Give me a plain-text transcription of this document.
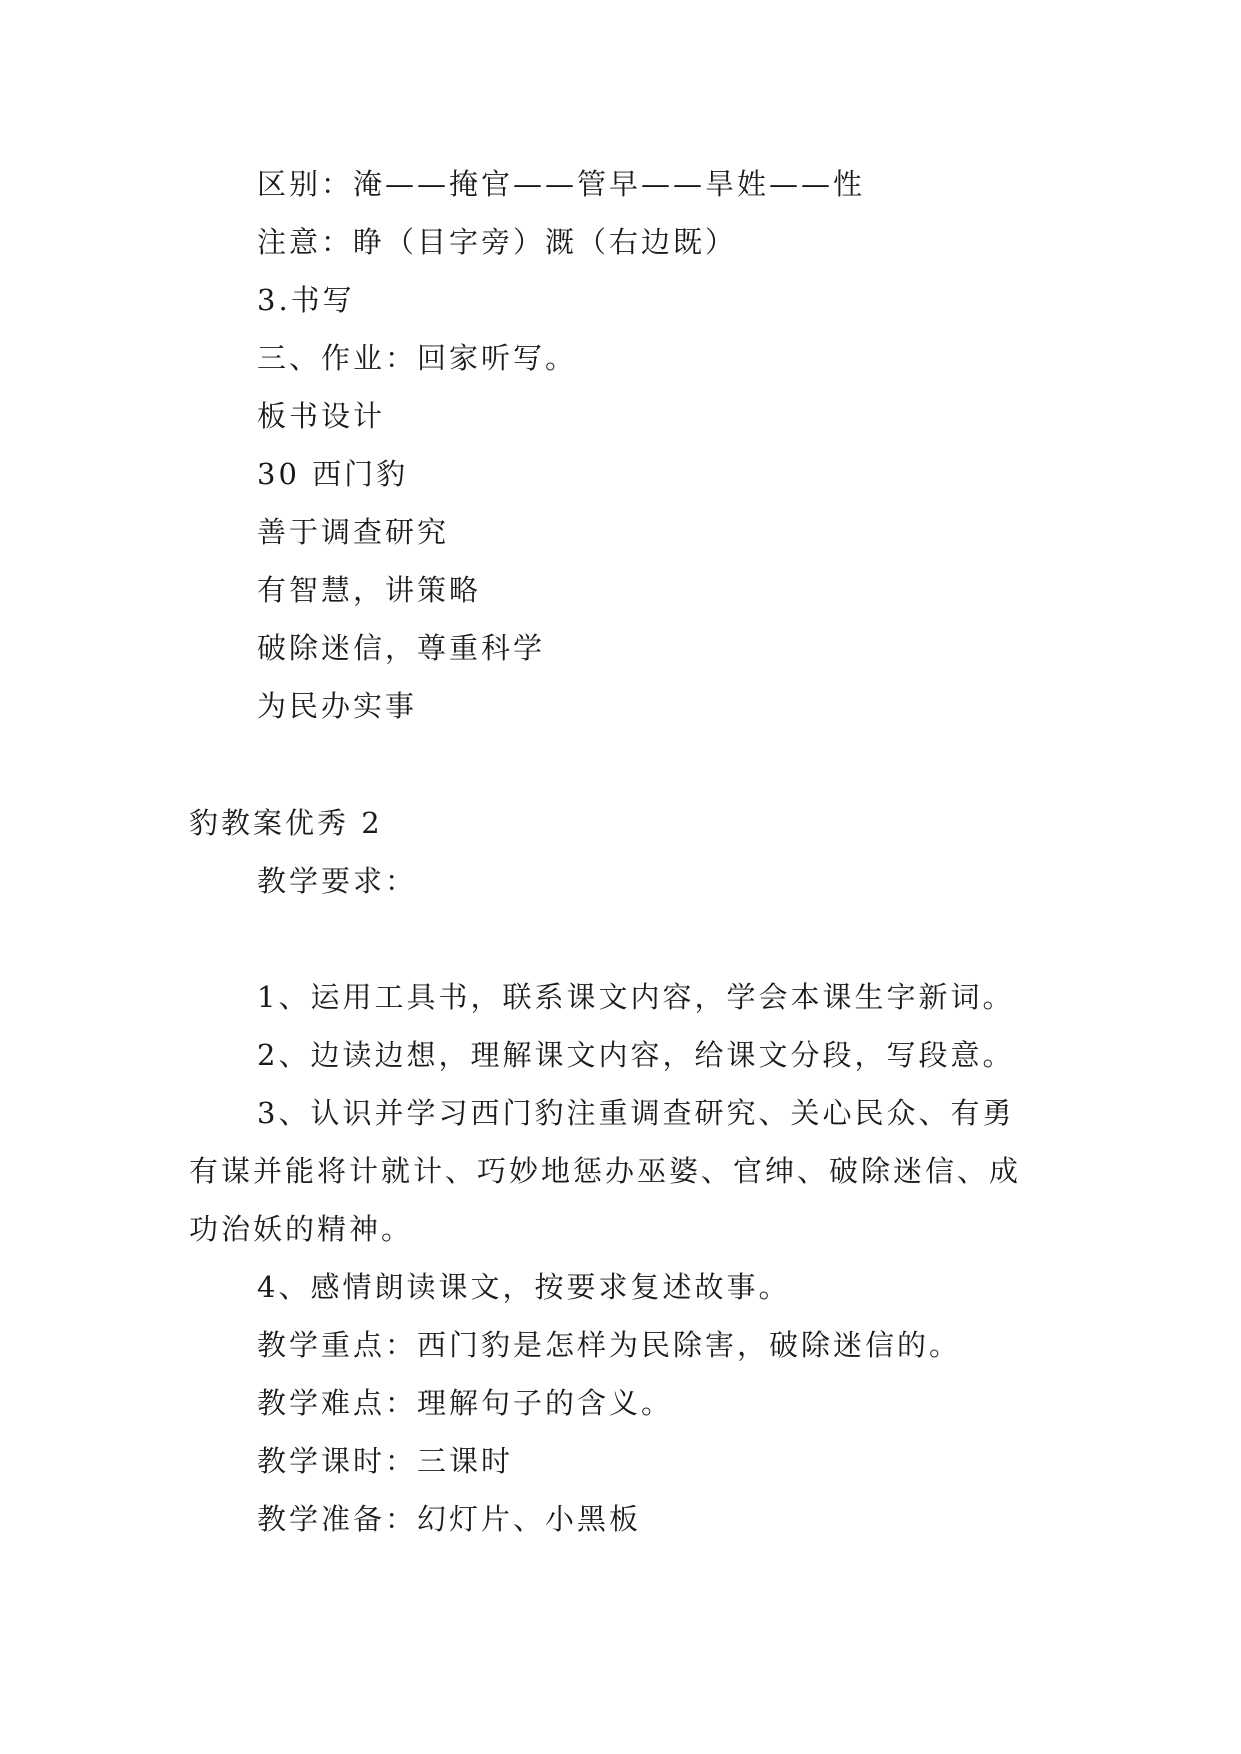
区别：淹——掩官——管早——旱姓——性
注意：睁（目字旁）溉（右边既）
3.书写
三、作业：回家听写。
板书设计
30 西门豹
善于调查研究
有智慧，讲策略
破除迷信，尊重科学
为民办实事
豹教案优秀 2
教学要求：
1、运用工具书，联系课文内容，学会本课生字新词。
2、边读边想，理解课文内容，给课文分段，写段意。
3、认识并学习西门豹注重调查研究、关心民众、有勇
有谋并能将计就计、巧妙地惩办巫婆、官绅、破除迷信、成
功治妖的精神。
4、感情朗读课文，按要求复述故事。
教学重点：西门豹是怎样为民除害，破除迷信的。
教学难点：理解句子的含义。
教学课时：三课时
教学准备：幻灯片、小黑板
